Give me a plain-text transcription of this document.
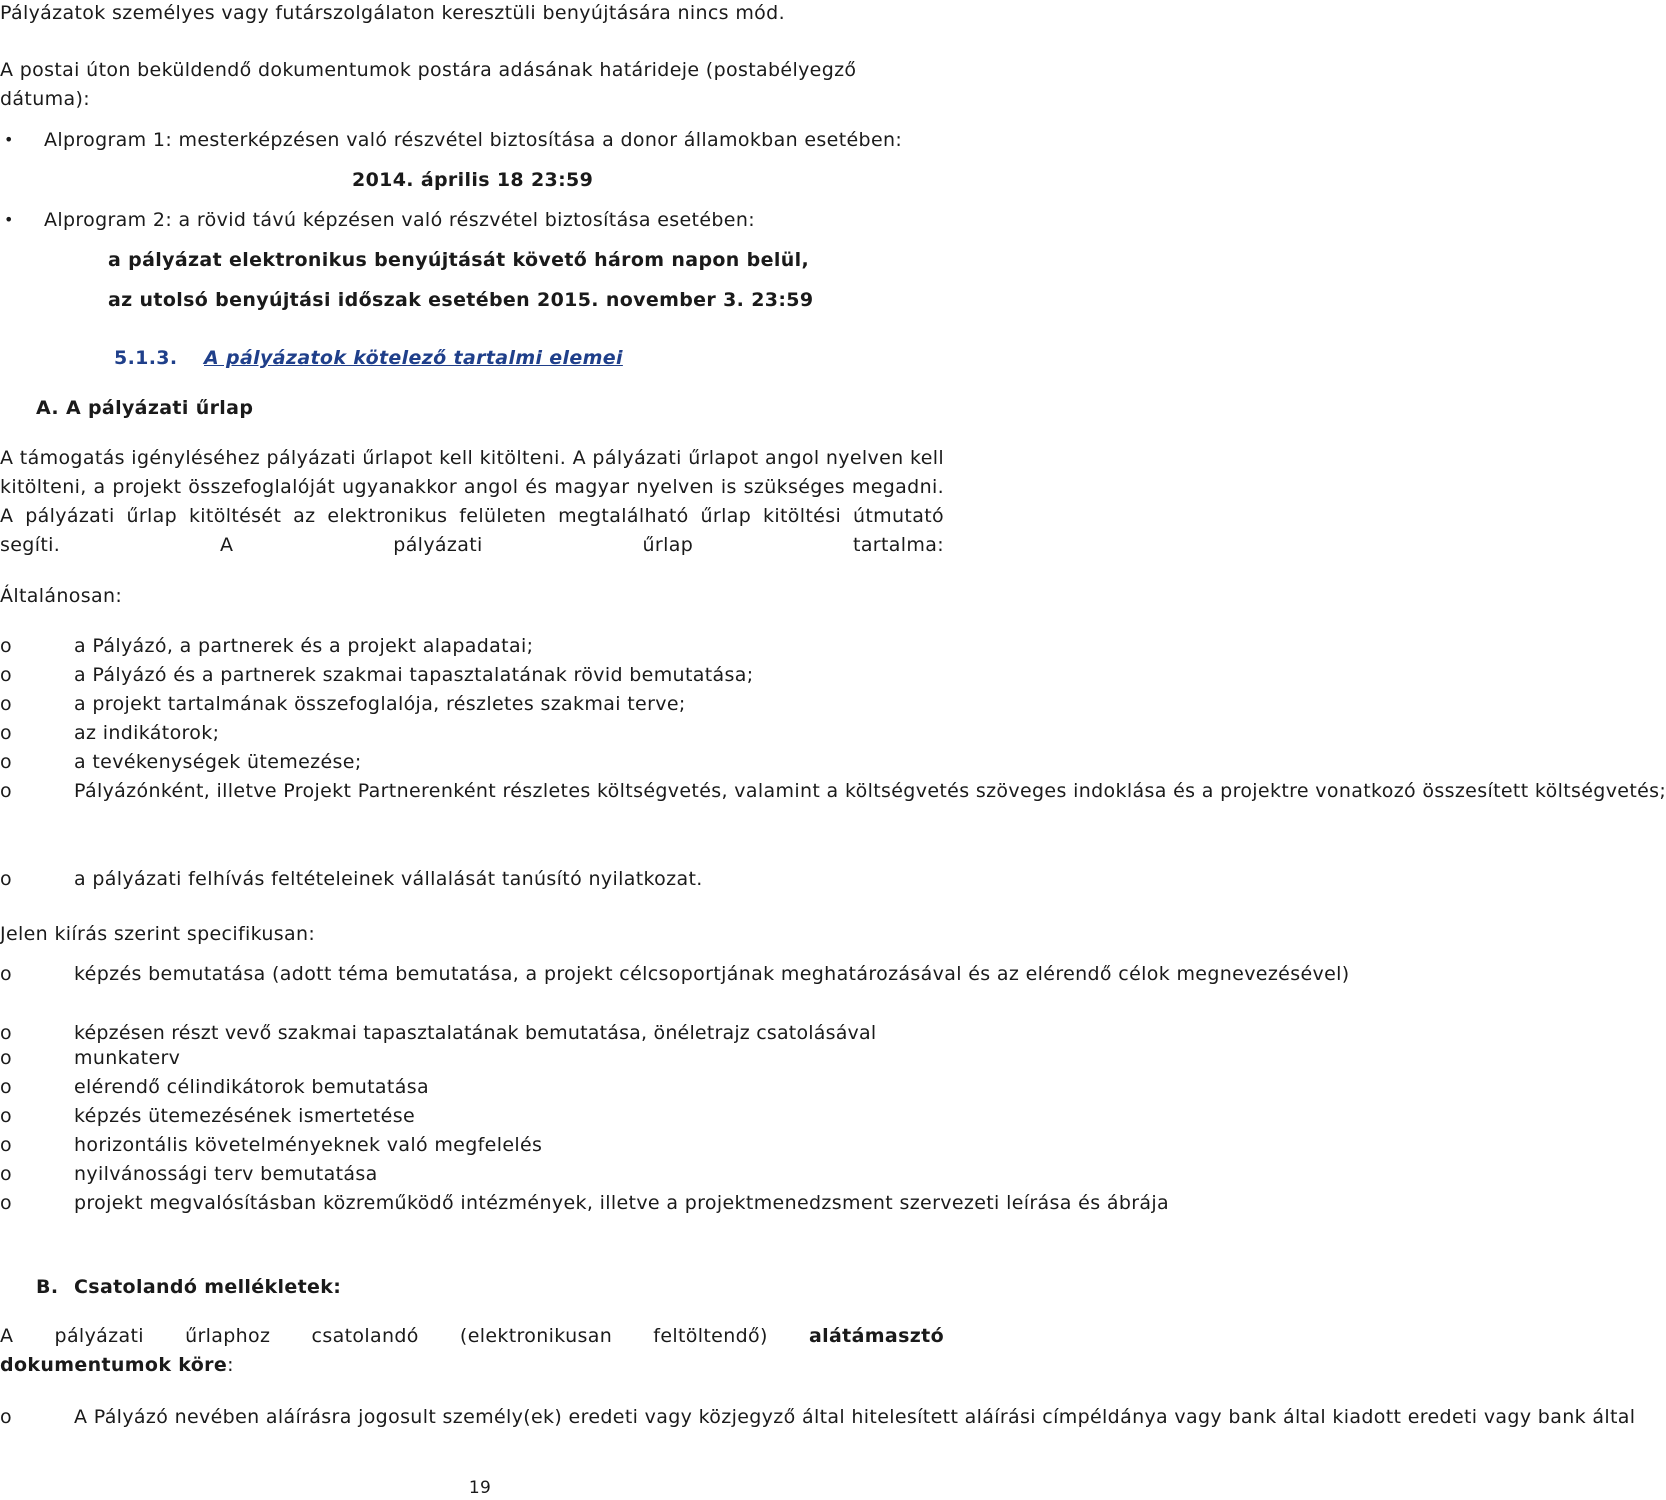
Pályázatok személyes vagy futárszolgálaton keresztüli benyújtására nincs mód.
A postai úton beküldendő dokumentumok postára adásának határideje (postabélyegző dátuma):
• Alprogram 1: mesterképzésen való részvétel biztosítása a donor államokban esetében:
2014. április 18 23:59
• Alprogram 2: a rövid távú képzésen való részvétel biztosítása esetében:
a pályázat elektronikus benyújtását követő három napon belül,
az utolsó benyújtási időszak esetében 2015. november 3. 23:59
5.1.3. A pályázatok kötelező tartalmi elemei
A. A pályázati űrlap
A támogatás igényléséhez pályázati űrlapot kell kitölteni. A pályázati űrlapot angol nyelven kell kitölteni, a projekt összefoglalóját ugyanakkor angol és magyar nyelven is szükséges megadni. A pályázati űrlap kitöltését az elektronikus felületen megtalálható űrlap kitöltési útmutató segíti. A pályázati űrlap tartalma:
Általánosan:
o	a Pályázó, a partnerek és a projekt alapadatai;
o	a Pályázó és a partnerek szakmai tapasztalatának rövid bemutatása;
o	a projekt tartalmának összefoglalója, részletes szakmai terve;
o	az indikátorok;
o	a tevékenységek ütemezése;
o	Pályázónként, illetve Projekt Partnerenként részletes költségvetés, valamint a költségvetés szöveges indoklása és a projektre vonatkozó összesített költségvetés;
o	a pályázati felhívás feltételeinek vállalását tanúsító nyilatkozat.
Jelen kiírás szerint specifikusan:
o	képzés bemutatása (adott téma bemutatása, a projekt célcsoportjának meghatározásával és az elérendő célok megnevezésével)
o	képzésen részt vevő szakmai tapasztalatának bemutatása, önéletrajz csatolásával
o	munkaterv
o	elérendő célindikátorok bemutatása
o	képzés ütemezésének ismertetése
o	horizontális követelményeknek való megfelelés
o	nyilvánossági terv bemutatása
o	projekt megvalósításban közreműködő intézmények, illetve a projektmenedzsment szervezeti leírása és ábrája
B. Csatolandó mellékletek:
A pályázati űrlaphoz csatolandó (elektronikusan feltöltendő) alátámasztó
dokumentumok köre:
o	A Pályázó nevében aláírásra jogosult személy(ek) eredeti vagy közjegyző által hitelesített aláírási címpéldánya vagy bank által kiadott eredeti vagy bank által
19
